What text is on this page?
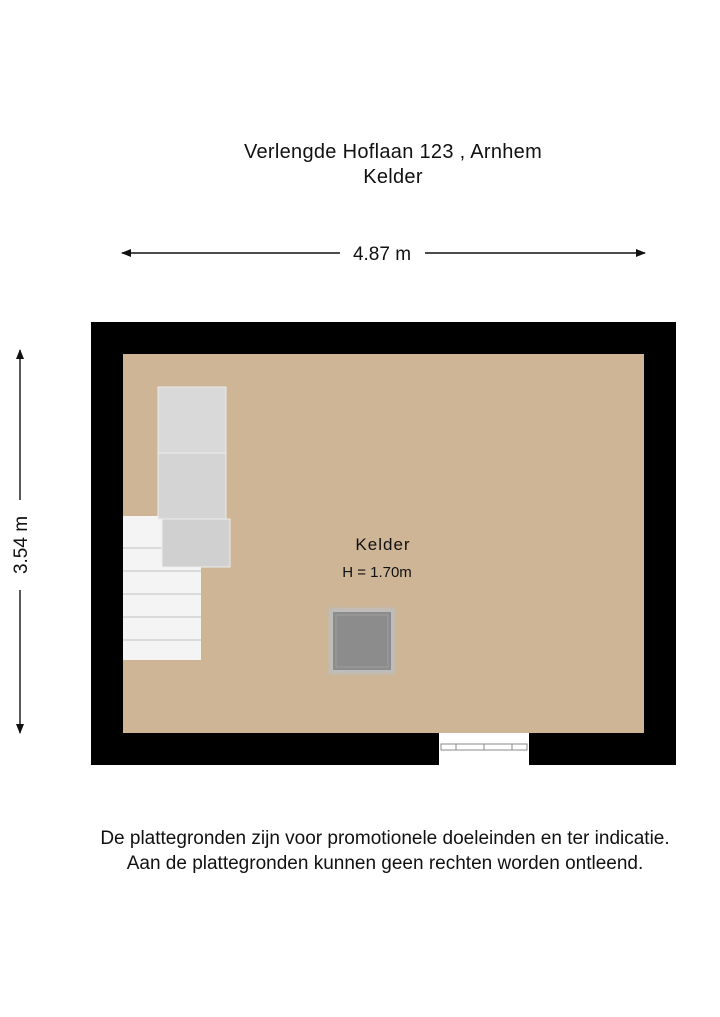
Verlengde Hoflaan 123 , Arnhem
Kelder
4.87 m
3.54 m	Kelder
H = 1.70m
De plattegronden zijn voor promotionele doeleinden en ter indicatie.
Aan de plattegronden kunnen geen rechten worden ontleend.
